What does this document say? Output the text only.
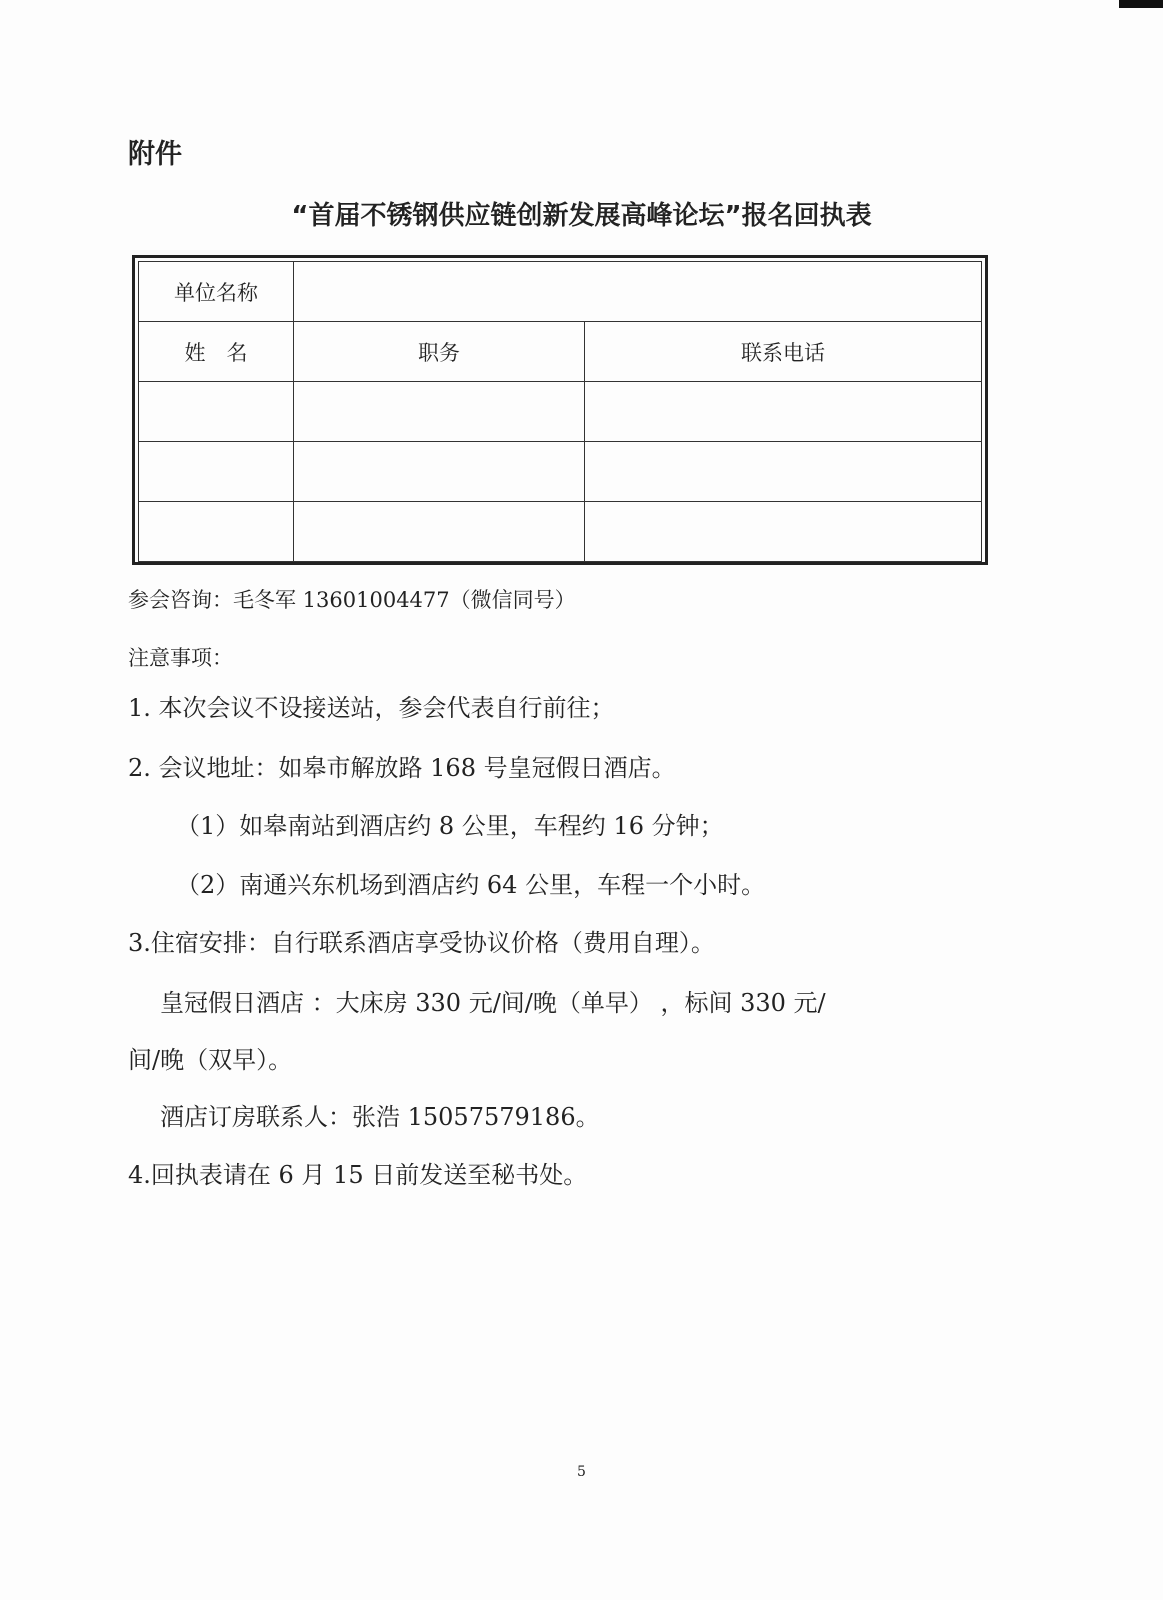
附件
“首届不锈钢供应链创新发展高峰论坛”报名回执表
单位名称		
姓　名	职务	联系电话

参会咨询：毛冬军 13601004477（微信同号）
注意事项：
1. 本次会议不设接送站，参会代表自行前往；
2. 会议地址：如皋市解放路 168 号皇冠假日酒店。
（1）如皋南站到酒店约 8 公里，车程约 16 分钟；
（2）南通兴东机场到酒店约 64 公里，车程一个小时。
3.住宿安排：自行联系酒店享受协议价格（费用自理）。
皇冠假日酒店 ：大床房 330 元/间/晚（单早） ，标间 330 元/
间/晚（双早）。
酒店订房联系人：张浩 15057579186。
4.回执表请在 6 月 15 日前发送至秘书处。
5
